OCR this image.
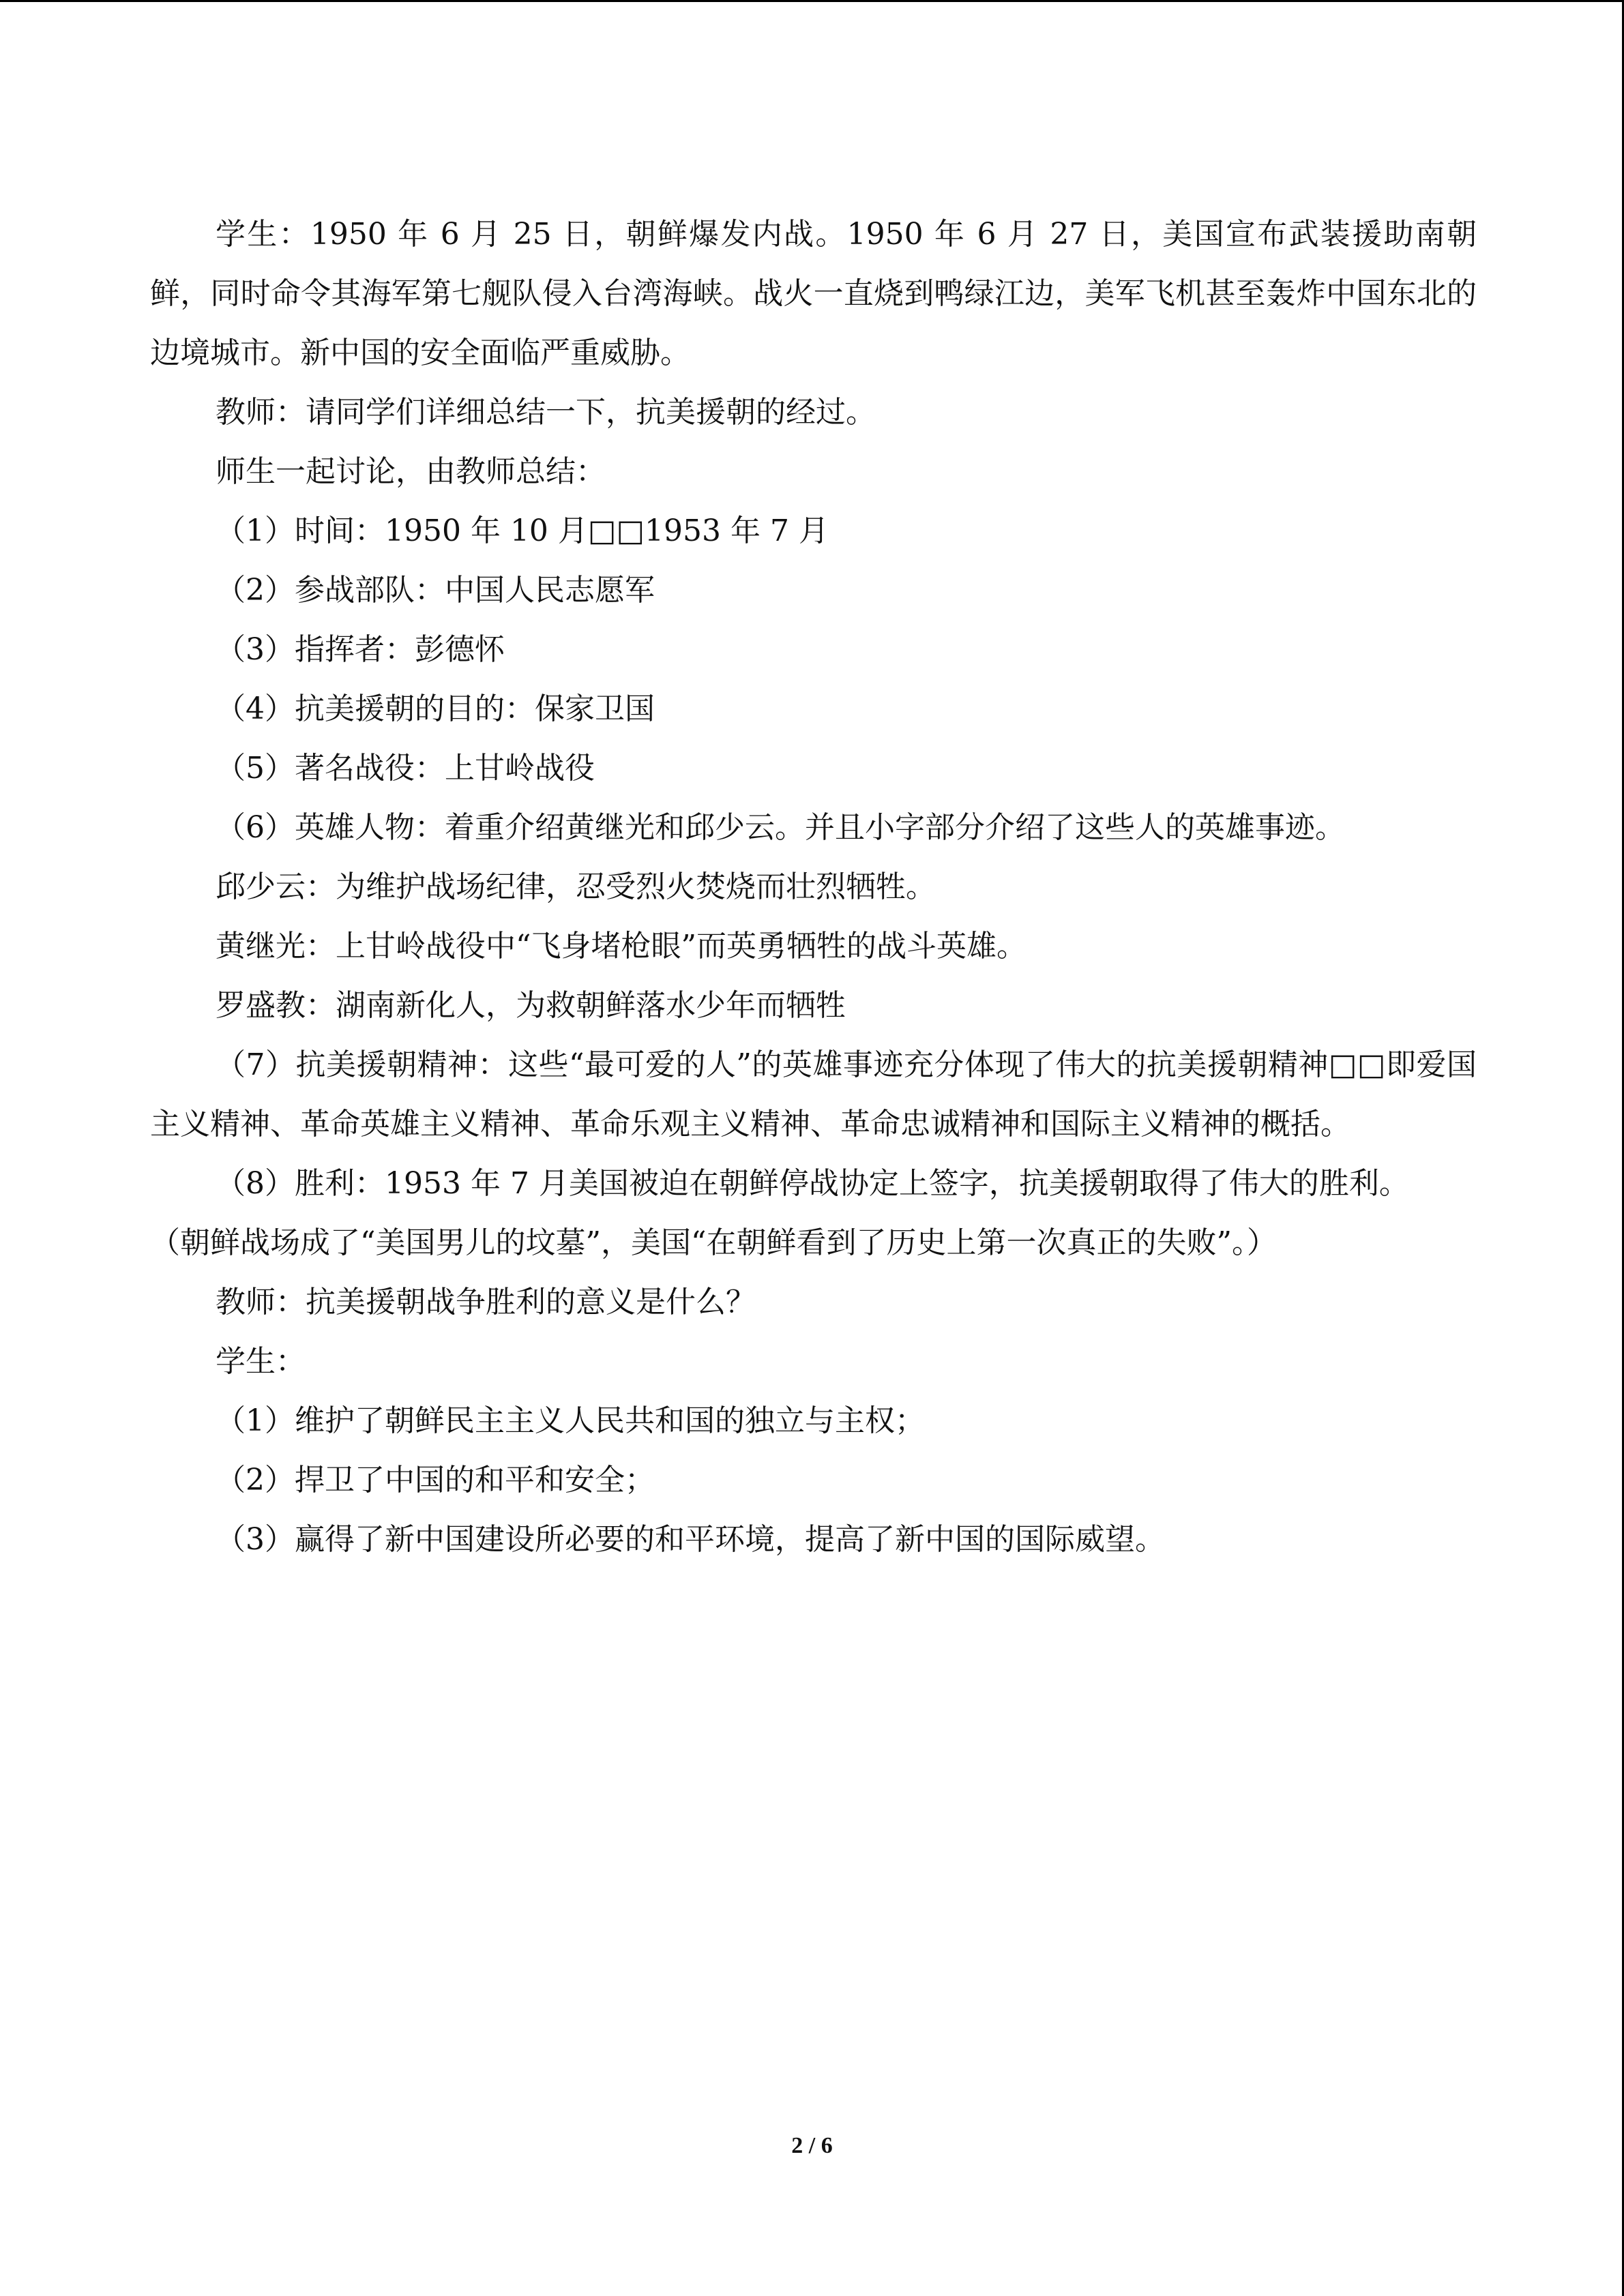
学生：1950 年 6 月 25 日，朝鲜爆发内战。1950 年 6 月 27 日，美国宣布武装援助南朝鲜，同时命令其海军第七舰队侵入台湾海峡。战火一直烧到鸭绿江边，美军飞机甚至轰炸中国东北的边境城市。新中国的安全面临严重威胁。

教师：请同学们详细总结一下，抗美援朝的经过。

师生一起讨论，由教师总结：

（1）时间：1950 年 10 月□□1953 年 7 月

（2）参战部队：中国人民志愿军

（3）指挥者：彭德怀

（4）抗美援朝的目的：保家卫国

（5）著名战役：上甘岭战役

（6）英雄人物：着重介绍黄继光和邱少云。并且小字部分介绍了这些人的英雄事迹。

邱少云：为维护战场纪律，忍受烈火焚烧而壮烈牺牲。

黄继光：上甘岭战役中“飞身堵枪眼”而英勇牺牲的战斗英雄。

罗盛教：湖南新化人，为救朝鲜落水少年而牺牲

（7）抗美援朝精神：这些“最可爱的人”的英雄事迹充分体现了伟大的抗美援朝精神□□即爱国主义精神、革命英雄主义精神、革命乐观主义精神、革命忠诚精神和国际主义精神的概括。

（8）胜利：1953 年 7 月美国被迫在朝鲜停战协定上签字，抗美援朝取得了伟大的胜利。

（朝鲜战场成了“美国男儿的坟墓”，美国“在朝鲜看到了历史上第一次真正的失败”。）

教师：抗美援朝战争胜利的意义是什么？

学生：

（1）维护了朝鲜民主主义人民共和国的独立与主权；

（2）捍卫了中国的和平和安全；

（3）赢得了新中国建设所必要的和平环境，提高了新中国的国际威望。

2 / 6
